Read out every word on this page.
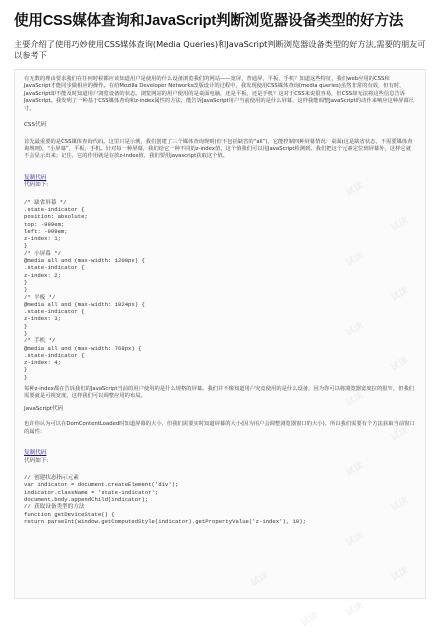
使用CSS媒体查询和JavaScript判断浏览器设备类型的好方法
主要介绍了使用巧妙使用CSS媒体查询(Media Queries)和JavaScript判断浏览器设备类型的好方法,需要的朋友可以参考下

有无数的理由要求我们在任何时候都应该知道用户是使用的什么设备浏览我们的网站——宽屏，普通屏，平板，手机？知道这些特征，我们web应用的CSS和JavaScript才能同步做相应的操作。在给Mozilla Developer Networks改版设计的过程中，我发现使用CSS媒体查询(media queries)虽然非常的有效，但有时，JavaScript却不能及时知道用户浏览设备的状态。浏览网站的用户使用的是桌面电脑，还是平板，还是手机？这对于CSS来说很容易，但CSS却无法将这些信息告诉JavaScript。我发明了一种基于CSS媒体查询和z-index属性的方法，能告诉JavaScript用户当前使用的是什么屏幕，这样我能调整JavaScript的动作来响应这种屏幕尺寸。

CSS代码

首先最重要的是CSS媒体查询代码。这里只是示例，我们创建了三个媒体查询规则(但不包括缺省的“all”)，它能控制四种屏幕情况：桌面(这是缺省状态，不需要媒体查询规则)，“小屏幕”，平板，手机。针对每一种屏幕，我们给它一种不同的z-index值，这个值我们可以用JavaScript检测到。我们把这个元素定位到屏幕外，这样它就不会显示出来；记住，它的作用就是存放z-index值，我们要用javascript获取这个值。

复制代码
代码如下:
/* 缺省屏幕 */
.state-indicator {
position: absolute;
top: -999em;
left: -999em;
z-index: 1;
}
/* 小屏幕 */
@media all and (max-width: 1200px) {
.state-indicator {
z-index: 2;
}
}
/* 平板 */
@media all and (max-width: 1024px) {
.state-indicator {
z-index: 3;
}
}
/* 手机 */
@media all and (max-width: 768px) {
.state-indicator {
z-index: 4;
}
}

每种z-index都在告诉我们的JavaScript当前的用户使用的是什么规格的屏幕。我们并不像知道用户究竟使用的是什么设备，因为你可以将浏览器宽度拉的很窄，但我们需要就是可视宽度，这样我们可以调整应用的布局。

JavaScript代码

也许你认为可以在DomContentLoaded时知道屏幕的大小，但我们需要实时知道屏幕的大小(因为用户会调整浏览器窗口的大小)，所以我们需要有个方法获取当前窗口的属性：

复制代码
代码如下:
// 创建状态指示元素
var indicator = document.createElement('div');
indicator.className = 'state-indicator';
document.body.appendChild(indicator);
// 获取设备类型的方法
function getDeviceState() {
return parseInt(window.getComputedStyle(indicator).getPropertyValue('z-index'), 10);
试读
试读
试读
试读
试读
试读
试读
试读
试读
试读
试读
试读
试读
试读
试读
